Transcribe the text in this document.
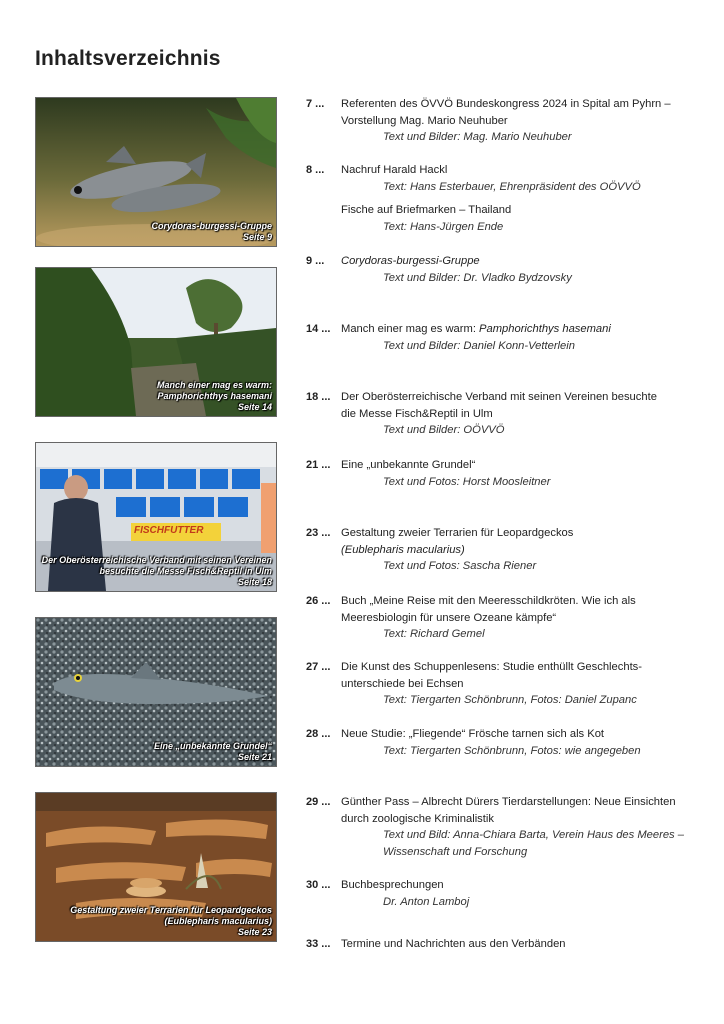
Inhaltsverzeichnis
Corydoras-burgessi-Gruppe
Seite 9
Manch einer mag es warm:
Pamphorichthys hasemani
Seite 14
FISCHFUTTER
Der Oberösterreichische Verband mit seinen Vereinen
besuchte die Messe Fisch&Reptil in Ulm
Seite 18
Eine „unbekannte Grundel“
Seite 21
Gestaltung zweier Terrarien für Leopardgeckos
(Eublepharis macularius)
Seite 23
7 ... Referenten des ÖVVÖ Bundeskongress 2024 in Spital am Pyhrn –
Vorstellung Mag. Mario Neuhuber
Text und Bilder: Mag. Mario Neuhuber
8 ... Nachruf Harald Hackl
Text: Hans Esterbauer, Ehrenpräsident des OÖVVÖ
Fische auf Briefmarken – Thailand
Text: Hans-Jürgen Ende
9 ... Corydoras-burgessi-Gruppe
Text und Bilder: Dr. Vladko Bydzovsky
14 ... Manch einer mag es warm: Pamphorichthys hasemani
Text und Bilder: Daniel Konn-Vetterlein
18 ... Der Oberösterreichische Verband mit seinen Vereinen besuchte
die Messe Fisch&Reptil in Ulm
Text und Bilder: OÖVVÖ
21 ... Eine „unbekannte Grundel“
Text und Fotos: Horst Moosleitner
23 ... Gestaltung zweier Terrarien für Leopardgeckos
(Eublepharis macularius)
Text und Fotos: Sascha Riener
26 ... Buch „Meine Reise mit den Meeresschildkröten. Wie ich als
Meeresbiologin für unsere Ozeane kämpfe“
Text: Richard Gemel
27 ... Die Kunst des Schuppenlesens: Studie enthüllt Geschlechts-
unterschiede bei Echsen
Text: Tiergarten Schönbrunn, Fotos: Daniel Zupanc
28 ... Neue Studie: „Fliegende“ Frösche tarnen sich als Kot
Text: Tiergarten Schönbrunn, Fotos: wie angegeben
29 ... Günther Pass – Albrecht Dürers Tierdarstellungen: Neue Einsichten
durch zoologische Kriminalistik
Text und Bild: Anna-Chiara Barta, Verein Haus des Meeres –
Wissenschaft und Forschung
30 ... Buchbesprechungen
Dr. Anton Lamboj
33 ... Termine und Nachrichten aus den Verbänden
